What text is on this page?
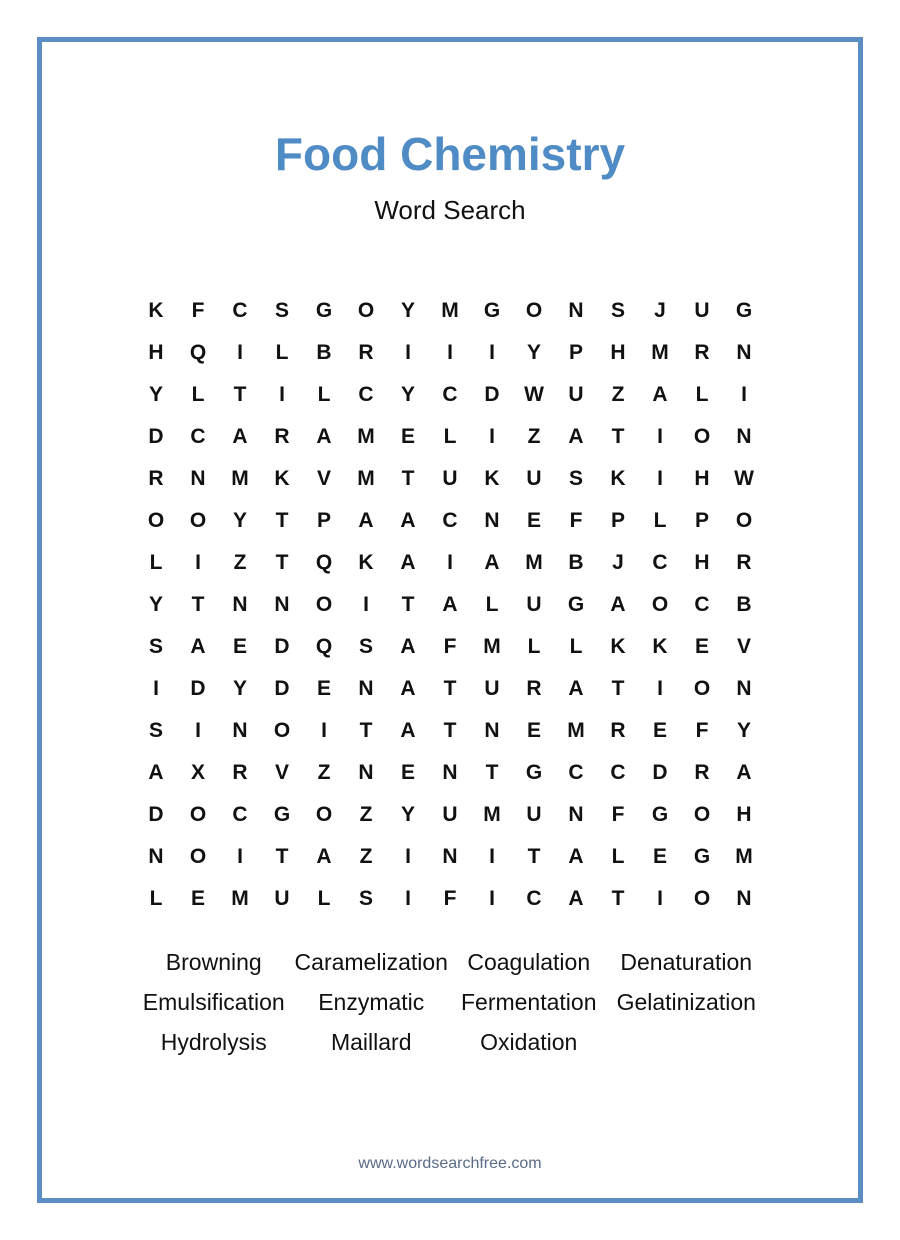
Food Chemistry
Word Search
K	F	C	S	G	O	Y	M	G	O	N	S	J	U	G
H	Q	I	L	B	R	I	I	I	Y	P	H	M	R	N
Y	L	T	I	L	C	Y	C	D	W	U	Z	A	L	I
D	C	A	R	A	M	E	L	I	Z	A	T	I	O	N
R	N	M	K	V	M	T	U	K	U	S	K	I	H	W
O	O	Y	T	P	A	A	C	N	E	F	P	L	P	O
L	I	Z	T	Q	K	A	I	A	M	B	J	C	H	R
Y	T	N	N	O	I	T	A	L	U	G	A	O	C	B
S	A	E	D	Q	S	A	F	M	L	L	K	K	E	V
I	D	Y	D	E	N	A	T	U	R	A	T	I	O	N
S	I	N	O	I	T	A	T	N	E	M	R	E	F	Y
A	X	R	V	Z	N	E	N	T	G	C	C	D	R	A
D	O	C	G	O	Z	Y	U	M	U	N	F	G	O	H
N	O	I	T	A	Z	I	N	I	T	A	L	E	G	M
L	E	M	U	L	S	I	F	I	C	A	T	I	O	N
Browning	Caramelization Coagulation	Denaturation
Emulsification	Enzymatic	Fermentation Gelatinization
Hydrolysis	Maillard	Oxidation
www.wordsearchfree.com
